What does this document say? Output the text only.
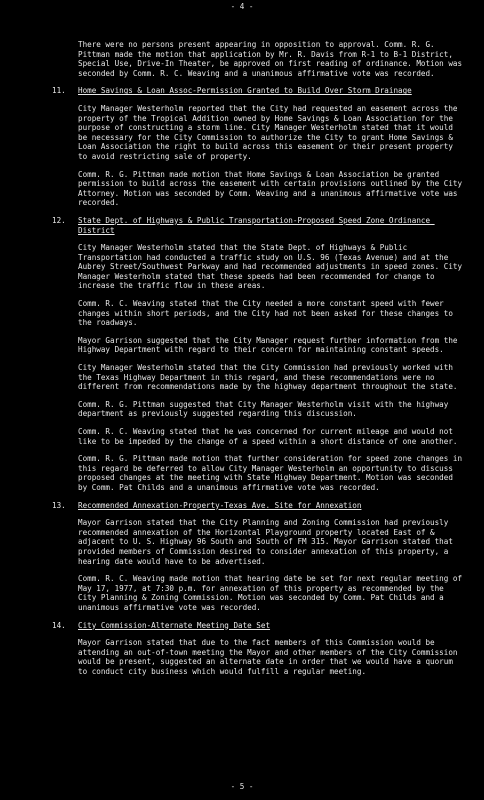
- 4 -
There were no persons present appearing in opposition to approval. Comm. R. G. Pittman made the motion that application by Mr. R. Davis from R-1 to B-1 District, Special Use, Drive-In Theater, be approved on first reading of ordinance. Motion was seconded by Comm. R. C. Weaving and a unanimous affirmative vote was recorded.
11.	Home Savings & Loan Assoc-Permission Granted to Build Over Storm Drainage
City Manager Westerholm reported that the City had requested an easement across the property of the Tropical Addition owned by Home Savings & Loan Association for the purpose of constructing a storm line. City Manager Westerholm stated that it would be necessary for the City Commission to authorize the City to grant Home Savings & Loan Association the right to build across this easement or their present property to avoid restricting sale of property.
Comm. R. G. Pittman made motion that Home Savings & Loan Association be granted permission to build across the easement with certain provisions outlined by the City Attorney. Motion was seconded by Comm. Weaving and a unanimous affirmative vote was recorded.
12.	State Dept. of Highways & Public Transportation-Proposed Speed Zone Ordinance District
City Manager Westerholm stated that the State Dept. of Highways & Public Transportation had conducted a traffic study on U.S. 96 (Texas Avenue) and at the Aubrey Street/Southwest Parkway and had recommended adjustments in speed zones. City Manager Westerholm stated that these speeds had been recommended for change to increase the traffic flow in these areas.
Comm. R. C. Weaving stated that the City needed a more constant speed with fewer changes within short periods, and the City had not been asked for these changes to the roadways.
Mayor Garrison suggested that the City Manager request further information from the Highway Department with regard to their concern for maintaining constant speeds.
City Manager Westerholm stated that the City Commission had previously worked with the Texas Highway Department in this regard, and these recommendations were no different from recommendations made by the highway department throughout the state.
Comm. R. G. Pittman suggested that City Manager Westerholm visit with the highway department as previously suggested regarding this discussion.
Comm. R. C. Weaving stated that he was concerned for current mileage and would not like to be impeded by the change of a speed within a short distance of one another.
Comm. R. G. Pittman made motion that further consideration for speed zone changes in this regard be deferred to allow City Manager Westerholm an opportunity to discuss proposed changes at the meeting with State Highway Department. Motion was seconded by Comm. Pat Childs and a unanimous affirmative vote was recorded.
13.	Recommended Annexation-Property-Texas Ave. Site for Annexation
Mayor Garrison stated that the City Planning and Zoning Commission had previously recommended annexation of the Horizontal Playground property located East of & adjacent to U. S. Highway 96 South and South of FM 315. Mayor Garrison stated that provided members of Commission desired to consider annexation of this property, a hearing date would have to be advertised.
Comm. R. C. Weaving made motion that hearing date be set for next regular meeting of May 17, 1977, at 7:30 p.m. for annexation of this property as recommended by the City Planning & Zoning Commission. Motion was seconded by Comm. Pat Childs and a unanimous affirmative vote was recorded.
14.	City Commission-Alternate Meeting Date Set
Mayor Garrison stated that due to the fact members of this Commission would be attending an out-of-town meeting the Mayor and other members of the City Commission would be present, suggested an alternate date in order that we would have a quorum to conduct city business which would fulfill a regular meeting.
- 5 -
